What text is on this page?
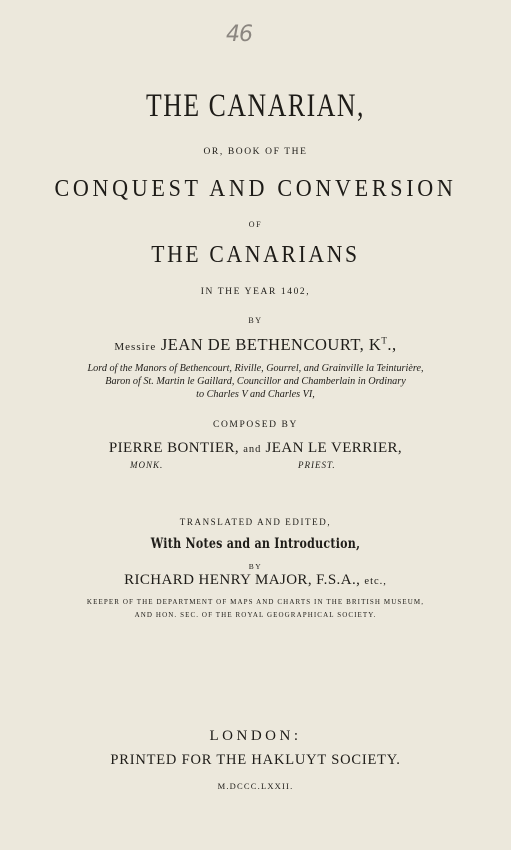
46
THE CANARIAN,
OR, BOOK OF THE
CONQUEST AND CONVERSION
OF
THE CANARIANS
IN THE YEAR 1402,
BY
Messire JEAN DE BETHENCOURT, $K^T$.,
Lord of the Manors of Bethencourt, Riville, Gourrel, and Grainville la Teinturière,
Baron of St. Martin le Gaillard, Councillor and Chamberlain in Ordinary
to Charles V and Charles VI,
COMPOSED BY
PIERRE BONTIER, and JEAN LE VERRIER,
MONK.	PRIEST.
TRANSLATED AND EDITED,
With Notes and an Introduction,
BY
RICHARD HENRY MAJOR, F.S.A., etc.,
KEEPER OF THE DEPARTMENT OF MAPS AND CHARTS IN THE BRITISH MUSEUM,
AND HON. SEC. OF THE ROYAL GEOGRAPHICAL SOCIETY.
LONDON:
PRINTED FOR THE HAKLUYT SOCIETY.
M.DCCC.LXXII.
